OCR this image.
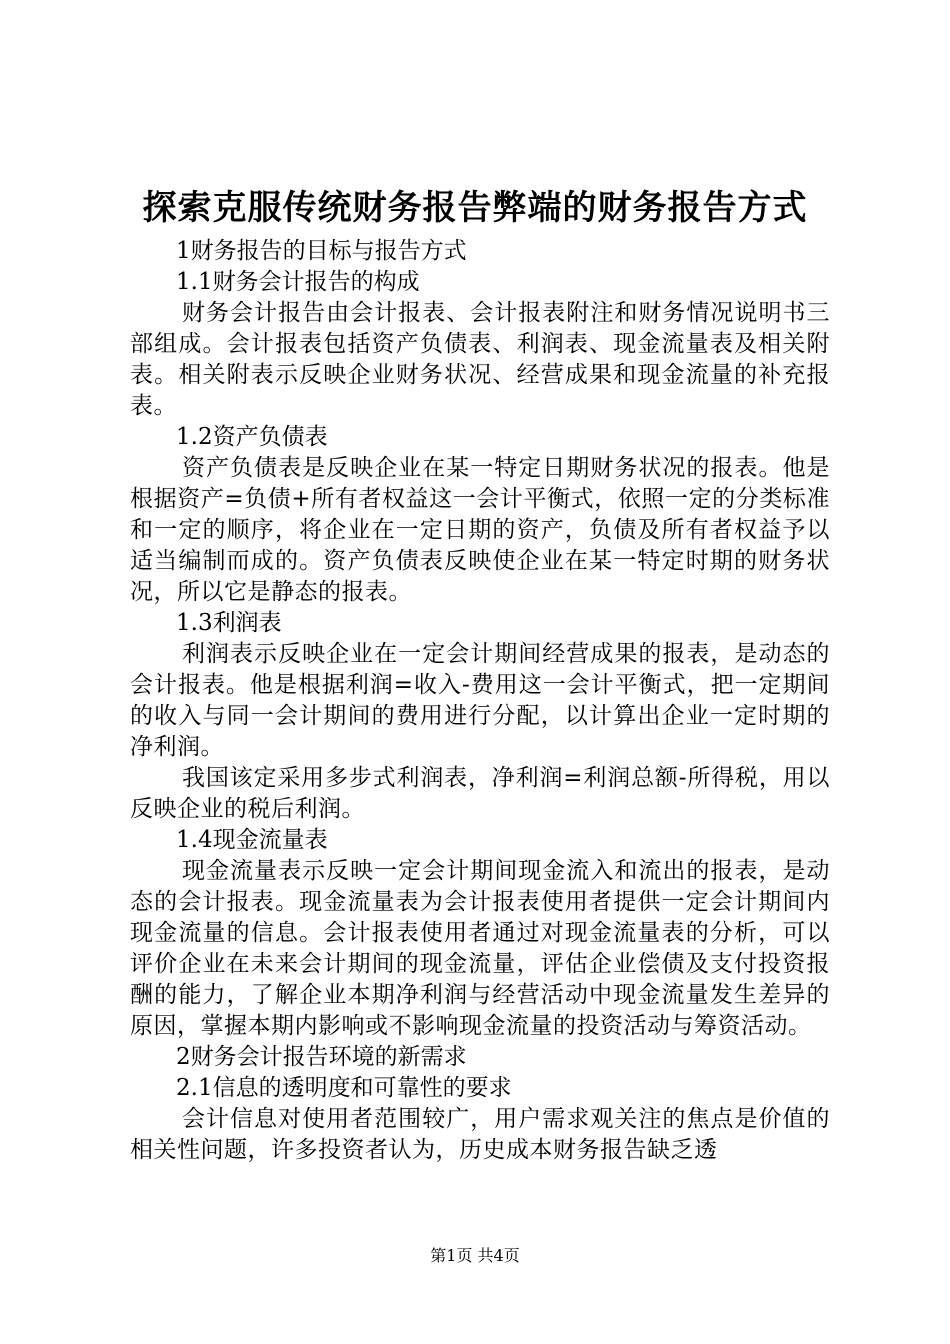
探索克服传统财务报告弊端的财务报告方式

1财务报告的目标与报告方式

1.1财务会计报告的构成

财务会计报告由会计报表、会计报表附注和财务情况说明书三部组成。会计报表包括资产负债表、利润表、现金流量表及相关附表。相关附表示反映企业财务状况、经营成果和现金流量的补充报表。

1.2资产负债表

资产负债表是反映企业在某一特定日期财务状况的报表。他是根据资产=负债+所有者权益这一会计平衡式，依照一定的分类标准和一定的顺序，将企业在一定日期的资产，负债及所有者权益予以适当编制而成的。资产负债表反映使企业在某一特定时期的财务状况，所以它是静态的报表。

1.3利润表

利润表示反映企业在一定会计期间经营成果的报表，是动态的会计报表。他是根据利润=收入-费用这一会计平衡式，把一定期间的收入与同一会计期间的费用进行分配，以计算出企业一定时期的净利润。

我国该定采用多步式利润表，净利润=利润总额-所得税，用以反映企业的税后利润。

1.4现金流量表

现金流量表示反映一定会计期间现金流入和流出的报表，是动态的会计报表。现金流量表为会计报表使用者提供一定会计期间内现金流量的信息。会计报表使用者通过对现金流量表的分析，可以评价企业在未来会计期间的现金流量，评估企业偿债及支付投资报酬的能力，了解企业本期净利润与经营活动中现金流量发生差异的原因，掌握本期内影响或不影响现金流量的投资活动与筹资活动。

2财务会计报告环境的新需求

2.1信息的透明度和可靠性的要求

会计信息对使用者范围较广，用户需求观关注的焦点是价值的相关性问题，许多投资者认为，历史成本财务报告缺乏透

第1页 共4页
